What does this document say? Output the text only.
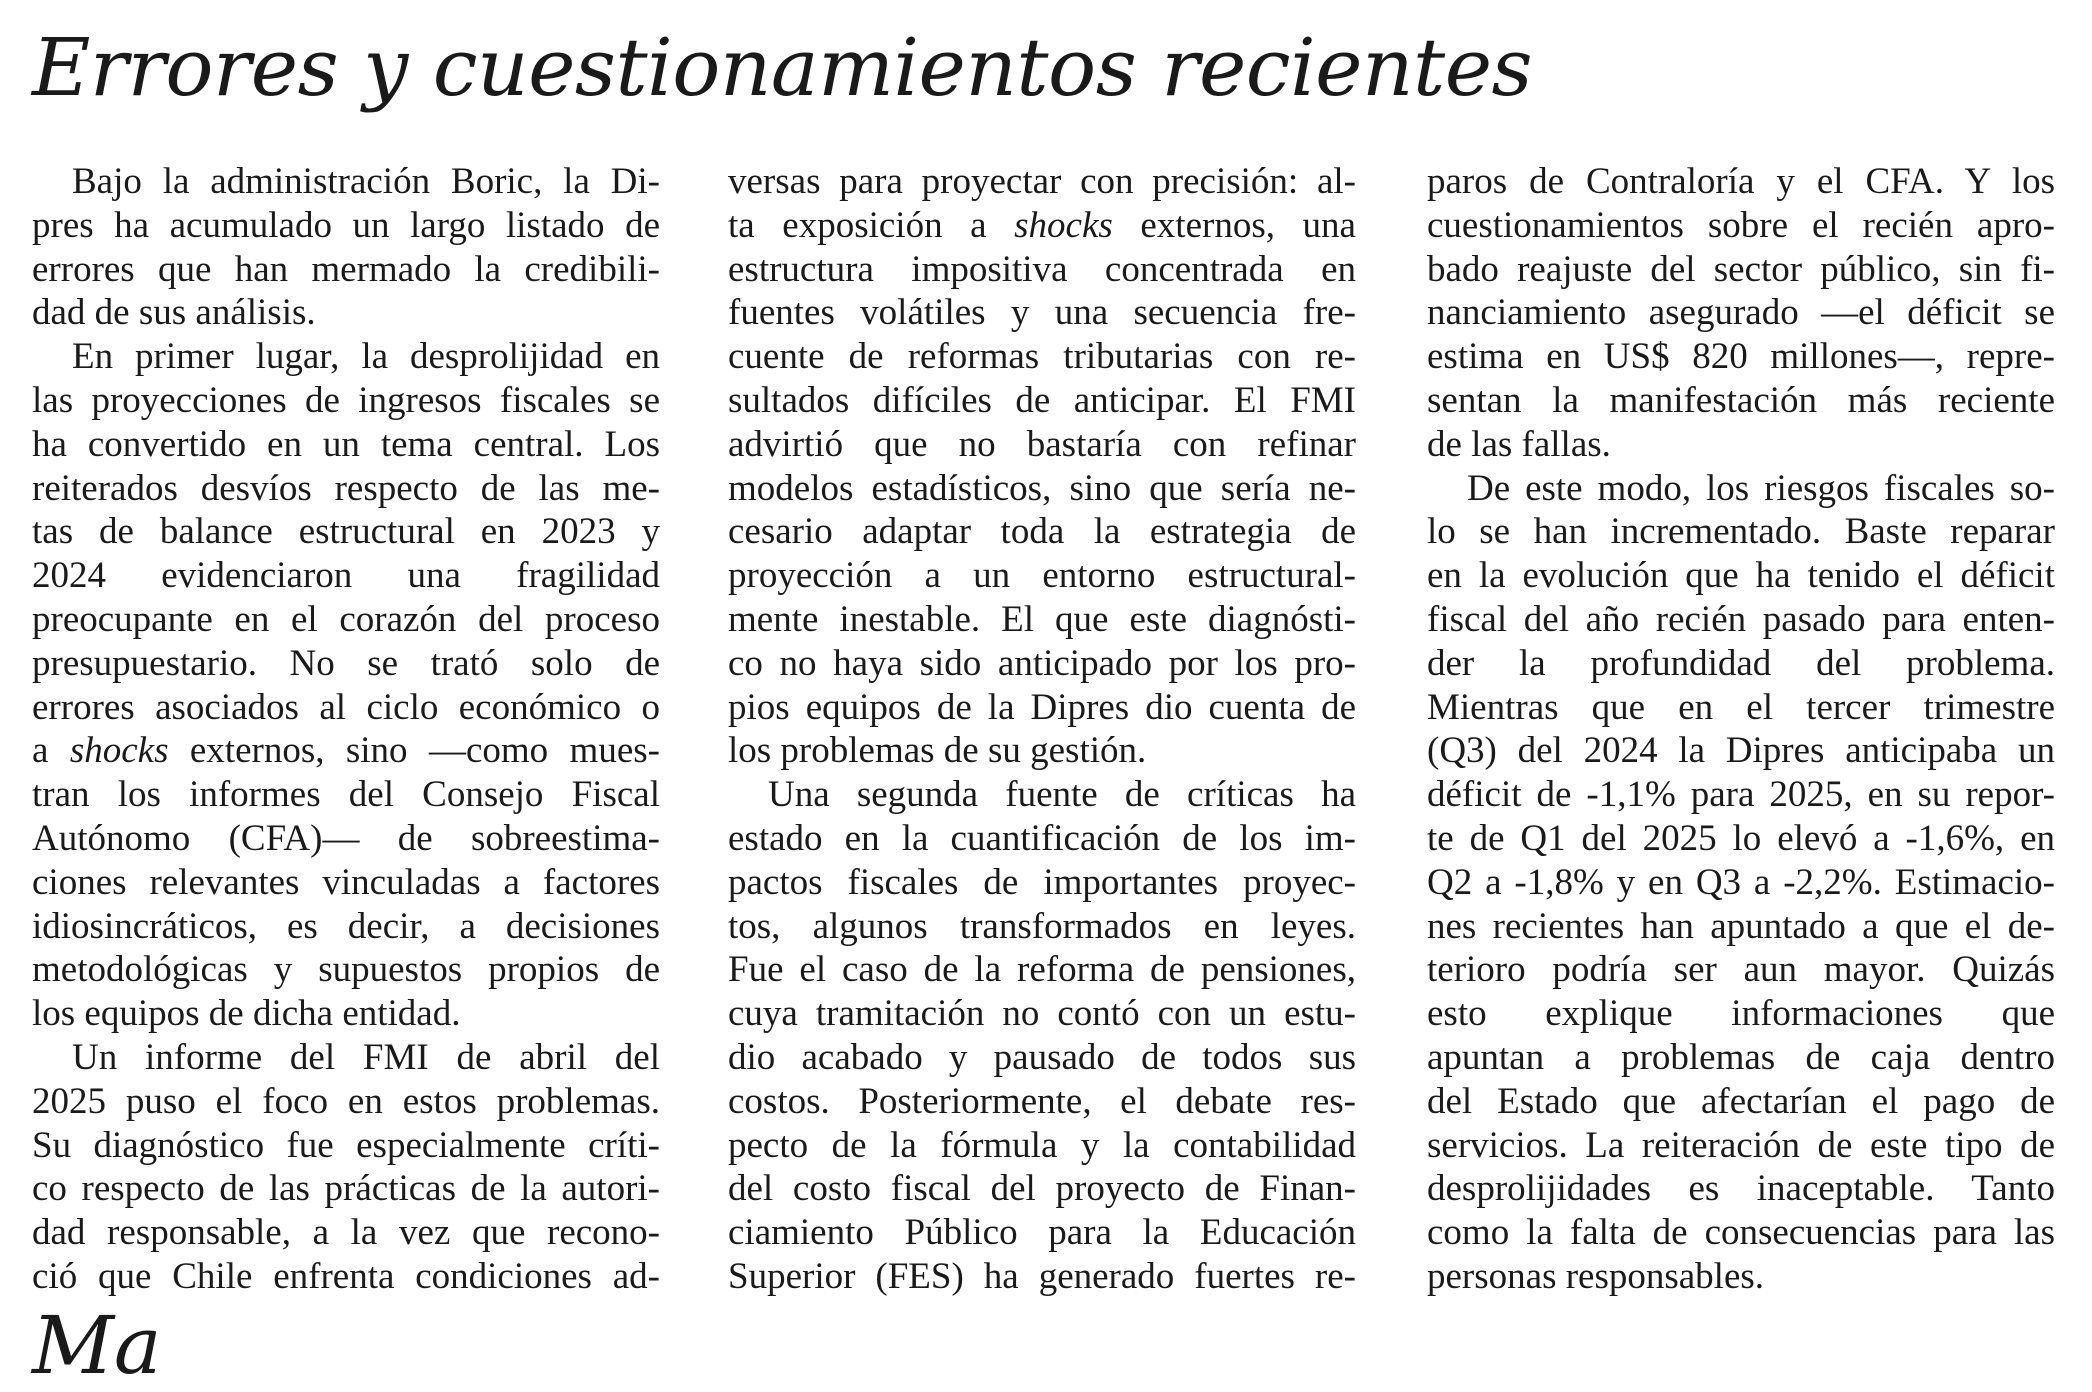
Errores y cuestionamientos recientes
Bajo la administración Boric, la Di-
pres ha acumulado un largo listado de
errores que han mermado la credibili-
dad de sus análisis.
En primer lugar, la desprolijidad en
las proyecciones de ingresos fiscales se
ha convertido en un tema central. Los
reiterados desvíos respecto de las me-
tas de balance estructural en 2023 y
2024 evidenciaron una fragilidad
preocupante en el corazón del proceso
presupuestario. No se trató solo de
errores asociados al ciclo económico o
a shocks externos, sino —como mues-
tran los informes del Consejo Fiscal
Autónomo (CFA)— de sobreestima-
ciones relevantes vinculadas a factores
idiosincráticos, es decir, a decisiones
metodológicas y supuestos propios de
los equipos de dicha entidad.
Un informe del FMI de abril del
2025 puso el foco en estos problemas.
Su diagnóstico fue especialmente críti-
co respecto de las prácticas de la autori-
dad responsable, a la vez que recono-
ció que Chile enfrenta condiciones ad-
versas para proyectar con precisión: al-
ta exposición a shocks externos, una
estructura impositiva concentrada en
fuentes volátiles y una secuencia fre-
cuente de reformas tributarias con re-
sultados difíciles de anticipar. El FMI
advirtió que no bastaría con refinar
modelos estadísticos, sino que sería ne-
cesario adaptar toda la estrategia de
proyección a un entorno estructural-
mente inestable. El que este diagnósti-
co no haya sido anticipado por los pro-
pios equipos de la Dipres dio cuenta de
los problemas de su gestión.
Una segunda fuente de críticas ha
estado en la cuantificación de los im-
pactos fiscales de importantes proyec-
tos, algunos transformados en leyes.
Fue el caso de la reforma de pensiones,
cuya tramitación no contó con un estu-
dio acabado y pausado de todos sus
costos. Posteriormente, el debate res-
pecto de la fórmula y la contabilidad
del costo fiscal del proyecto de Finan-
ciamiento Público para la Educación
Superior (FES) ha generado fuertes re-
paros de Contraloría y el CFA. Y los
cuestionamientos sobre el recién apro-
bado reajuste del sector público, sin fi-
nanciamiento asegurado —el déficit se
estima en US$ 820 millones—, repre-
sentan la manifestación más reciente
de las fallas.
De este modo, los riesgos fiscales so-
lo se han incrementado. Baste reparar
en la evolución que ha tenido el déficit
fiscal del año recién pasado para enten-
der la profundidad del problema.
Mientras que en el tercer trimestre
(Q3) del 2024 la Dipres anticipaba un
déficit de -1,1% para 2025, en su repor-
te de Q1 del 2025 lo elevó a -1,6%, en
Q2 a -1,8% y en Q3 a -2,2%. Estimacio-
nes recientes han apuntado a que el de-
terioro podría ser aun mayor. Quizás
esto explique informaciones que
apuntan a problemas de caja dentro
del Estado que afectarían el pago de
servicios. La reiteración de este tipo de
desprolijidades es inaceptable. Tanto
como la falta de consecuencias para las
personas responsables.
Ma
